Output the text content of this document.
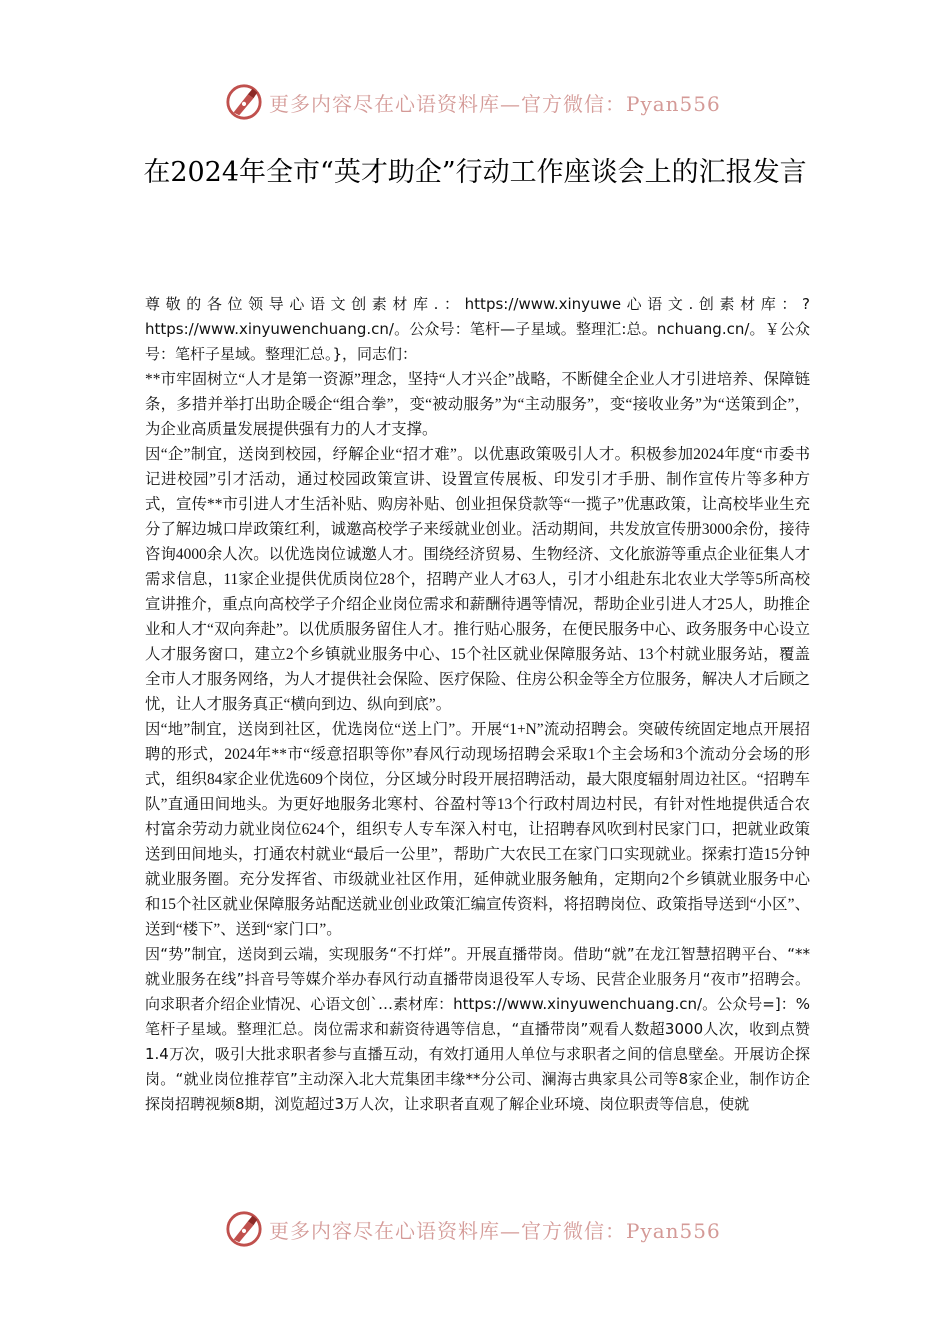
更多内容尽在心语资料库—官方微信：Pyan556
在2024年全市“英才助企”行动工作座谈会上的汇报发言

尊敬的各位领导心语文创素材库.：https://www.xinyuwe心语文.创素材库：?https://www.xinyuwenchuang.cn/。公众号：笔杆—子星域。整理汇:总。nchuang.cn/。￥公众号：笔杆子星域。整理汇总。}，同志们：

**市牢固树立“人才是第一资源”理念，坚持“人才兴企”战略，不断健全企业人才引进培养、保障链条，多措并举打出助企暖企“组合拳”，变“被动服务”为“主动服务”，变“接收业务”为“送策到企”，为企业高质量发展提供强有力的人才支撑。

因“企”制宜，送岗到校园，纾解企业“招才难”。以优惠政策吸引人才。积极参加2024年度“市委书记进校园”引才活动，通过校园政策宣讲、设置宣传展板、印发引才手册、制作宣传片等多种方式，宣传**市引进人才生活补贴、购房补贴、创业担保贷款等“一揽子”优惠政策，让高校毕业生充分了解边城口岸政策红利，诚邀高校学子来绥就业创业。活动期间，共发放宣传册3000余份，接待咨询4000余人次。以优选岗位诚邀人才。围绕经济贸易、生物经济、文化旅游等重点企业征集人才需求信息，11家企业提供优质岗位28个，招聘产业人才63人，引才小组赴东北农业大学等5所高校宣讲推介，重点向高校学子介绍企业岗位需求和薪酬待遇等情况，帮助企业引进人才25人，助推企业和人才“双向奔赴”。以优质服务留住人才。推行贴心服务，在便民服务中心、政务服务中心设立人才服务窗口，建立2个乡镇就业服务中心、15个社区就业保障服务站、13个村就业服务站，覆盖全市人才服务网络，为人才提供社会保险、医疗保险、住房公积金等全方位服务，解决人才后顾之忧，让人才服务真正“横向到边、纵向到底”。

因“地”制宜，送岗到社区，优选岗位“送上门”。开展“1+N”流动招聘会。突破传统固定地点开展招聘的形式，2024年**市“绥意招职等你”春风行动现场招聘会采取1个主会场和3个流动分会场的形式，组织84家企业优选609个岗位，分区域分时段开展招聘活动，最大限度辐射周边社区。“招聘车队”直通田间地头。为更好地服务北寒村、谷盈村等13个行政村周边村民，有针对性地提供适合农村富余劳动力就业岗位624个，组织专人专车深入村屯，让招聘春风吹到村民家门口，把就业政策送到田间地头，打通农村就业“最后一公里”，帮助广大农民工在家门口实现就业。探索打造15分钟就业服务圈。充分发挥省、市级就业社区作用，延伸就业服务触角，定期向2个乡镇就业服务中心和15个社区就业保障服务站配送就业创业政策汇编宣传资料，将招聘岗位、政策指导送到“小区”、送到“楼下”、送到“家门口”。

因“势”制宜，送岗到云端，实现服务“不打烊”。开展直播带岗。借助“就”在龙江智慧招聘平台、“**就业服务在线”抖音号等媒介举办春风行动直播带岗退役军人专场、民营企业服务月“夜市”招聘会。向求职者介绍企业情况、心语文创`…素材库：https://www.xinyuwenchuang.cn/。公众号=]：%笔杆子星域。整理汇总。岗位需求和薪资待遇等信息，“直播带岗”观看人数超3000人次，收到点赞1.4万次，吸引大批求职者参与直播互动，有效打通用人单位与求职者之间的信息壁垒。开展访企探岗。“就业岗位推荐官”主动深入北大荒集团丰缘**分公司、澜海古典家具公司等8家企业，制作访企探岗招聘视频8期，浏览超过3万人次，让求职者直观了解企业环境、岗位职责等信息，使就

更多内容尽在心语资料库—官方微信：Pyan556
